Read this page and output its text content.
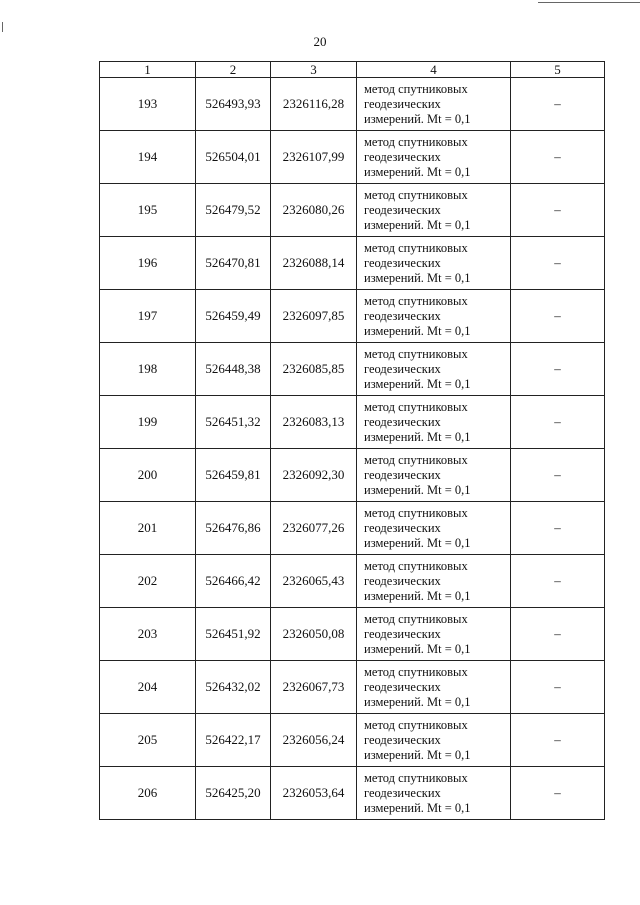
20
1	2	3	4	5
193	526493,93	2326116,28	метод спутниковых
геодезических
измерений. Mt = 0,1	–
194	526504,01	2326107,99	метод спутниковых
геодезических
измерений. Mt = 0,1	–
195	526479,52	2326080,26	метод спутниковых
геодезических
измерений. Mt = 0,1	–
196	526470,81	2326088,14	метод спутниковых
геодезических
измерений. Mt = 0,1	–
197	526459,49	2326097,85	метод спутниковых
геодезических
измерений. Mt = 0,1	–
198	526448,38	2326085,85	метод спутниковых
геодезических
измерений. Mt = 0,1	–
199	526451,32	2326083,13	метод спутниковых
геодезических
измерений. Mt = 0,1	–
200	526459,81	2326092,30	метод спутниковых
геодезических
измерений. Mt = 0,1	–
201	526476,86	2326077,26	метод спутниковых
геодезических
измерений. Mt = 0,1	–
202	526466,42	2326065,43	метод спутниковых
геодезических
измерений. Mt = 0,1	–
203	526451,92	2326050,08	метод спутниковых
геодезических
измерений. Mt = 0,1	–
204	526432,02	2326067,73	метод спутниковых
геодезических
измерений. Mt = 0,1	–
205	526422,17	2326056,24	метод спутниковых
геодезических
измерений. Mt = 0,1	–
206	526425,20	2326053,64	метод спутниковых
геодезических
измерений. Mt = 0,1	–
